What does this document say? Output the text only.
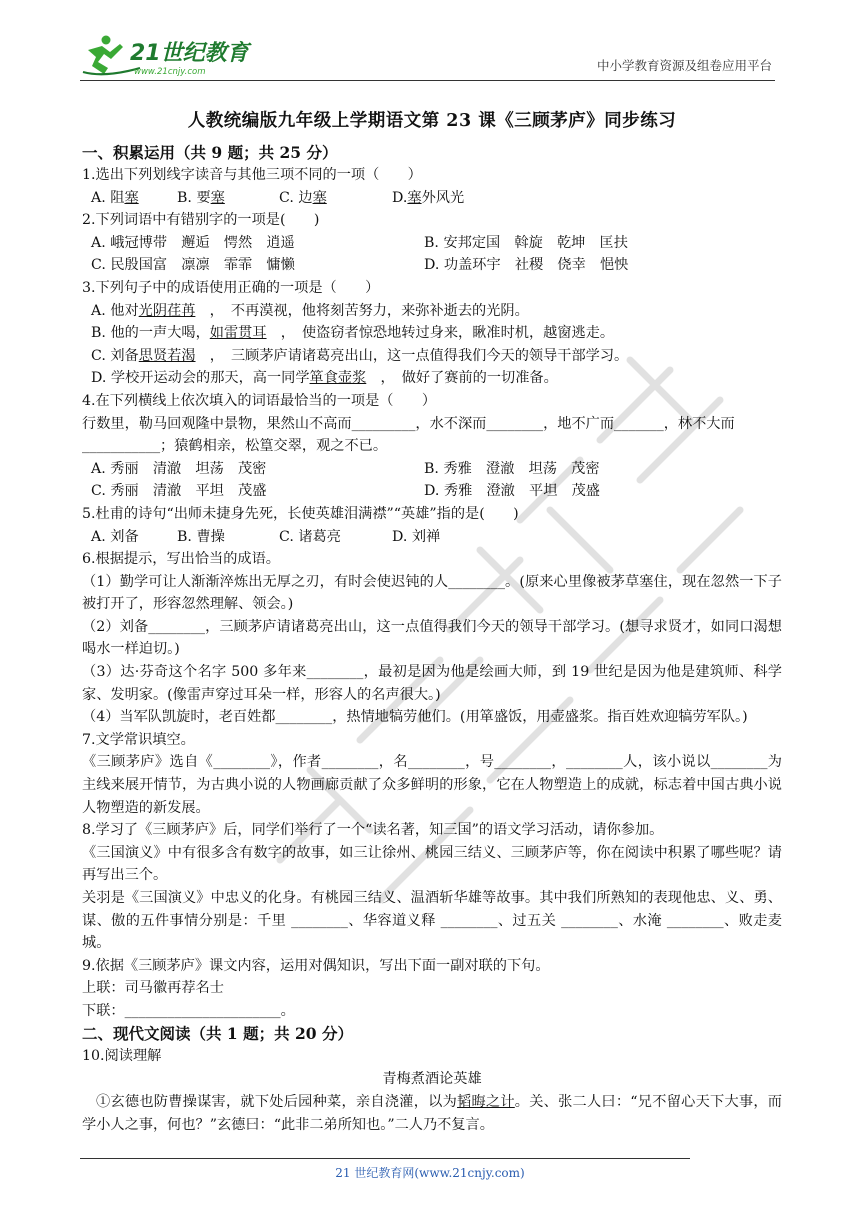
21世纪教育
www.21cnjy.com	中小学教育资源及组卷应用平台
人教统编版九年级上学期语文第 23 课《三顾茅庐》同步练习
一、积累运用（共 9 题；共 25 分）
1.选出下列划线字读音与其他三项不同的一项（　　）
A. 阻塞	B. 要塞	C. 边塞	D.塞外风光
2.下列词语中有错别字的一项是(　　)
A. 峨冠博带　邂逅　愕然　逍遥	B. 安邦定国　斡旋　乾坤　匡扶
C. 民殷国富　凛凛　霏霏　慵懒	D. 功盖环宇　社稷　侥幸　悒怏
3.下列句子中的成语使用正确的一项是（　　）
A. 他对光阴荏苒　，　不再漠视，他将刻苦努力，来弥补逝去的光阴。
B. 他的一声大喝，如雷贯耳　，　使盗窃者惊恐地转过身来，瞅准时机，越窗逃走。
C. 刘备思贤若渴　，　三顾茅庐请诸葛亮出山，这一点值得我们今天的领导干部学习。
D. 学校开运动会的那天，高一同学箪食壶浆　，　做好了赛前的一切准备。
4.在下列横线上依次填入的词语最恰当的一项是（　　）
行数里，勒马回观隆中景物，果然山不高而_________，水不深而________，地不广而_______，林不大而
___________；猿鹤相亲，松篁交翠，观之不已。
A. 秀丽　清澈　坦荡　茂密	B. 秀雅　澄澈　坦荡　茂密
C. 秀丽　清澈　平坦　茂盛	D. 秀雅　澄澈　平坦　茂盛
5.杜甫的诗句“出师未捷身先死，长使英雄泪满襟”“英雄”指的是(　　)
A. 刘备	B. 曹操	C. 诸葛亮	D. 刘禅
6.根据提示，写出恰当的成语。
（1）勤学可让人渐渐淬炼出无厚之刃，有时会使迟钝的人________。(原来心里像被茅草塞住，现在忽然一下子被打开了，形容忽然理解、领会。)
（2）刘备________，三顾茅庐请诸葛亮出山，这一点值得我们今天的领导干部学习。(想寻求贤才，如同口渴想喝水一样迫切。)
（3）达·芬奇这个名字 500 多年来________，最初是因为他是绘画大师，到 19 世纪是因为他是建筑师、科学家、发明家。(像雷声穿过耳朵一样，形容人的名声很大。)
（4）当军队凯旋时，老百姓都________，热情地犒劳他们。(用箪盛饭，用壶盛浆。指百姓欢迎犒劳军队。)
7.文学常识填空。
《三顾茅庐》选自《________》，作者________，名________，号________，________人，该小说以________为主线来展开情节，为古典小说的人物画廊贡献了众多鲜明的形象，它在人物塑造上的成就，标志着中国古典小说人物塑造的新发展。
8.学习了《三顾茅庐》后，同学们举行了一个“读名著，知三国”的语文学习活动，请你参加。
《三国演义》中有很多含有数字的故事，如三让徐州、桃园三结义、三顾茅庐等，你在阅读中积累了哪些呢？请再写出三个。
关羽是《三国演义》中忠义的化身。有桃园三结义、温酒斩华雄等故事。其中我们所熟知的表现他忠、义、勇、谋、傲的五件事情分别是：千里 ________、华容道义释 ________、过五关 ________、水淹 ________、败走麦城。
9.依据《三顾茅庐》课文内容，运用对偶知识，写出下面一副对联的下句。
上联：司马徽再荐名士
下联：______________________。
二、现代文阅读（共 1 题；共 20 分）
10.阅读理解
青梅煮酒论英雄
①玄德也防曹操谋害，就下处后园种菜，亲自浇灌，以为韬晦之计。关、张二人曰：“兄不留心天下大事，而学小人之事，何也？”玄德曰：“此非二弟所知也。”二人乃不复言。
21 世纪教育网(www.21cnjy.com)
